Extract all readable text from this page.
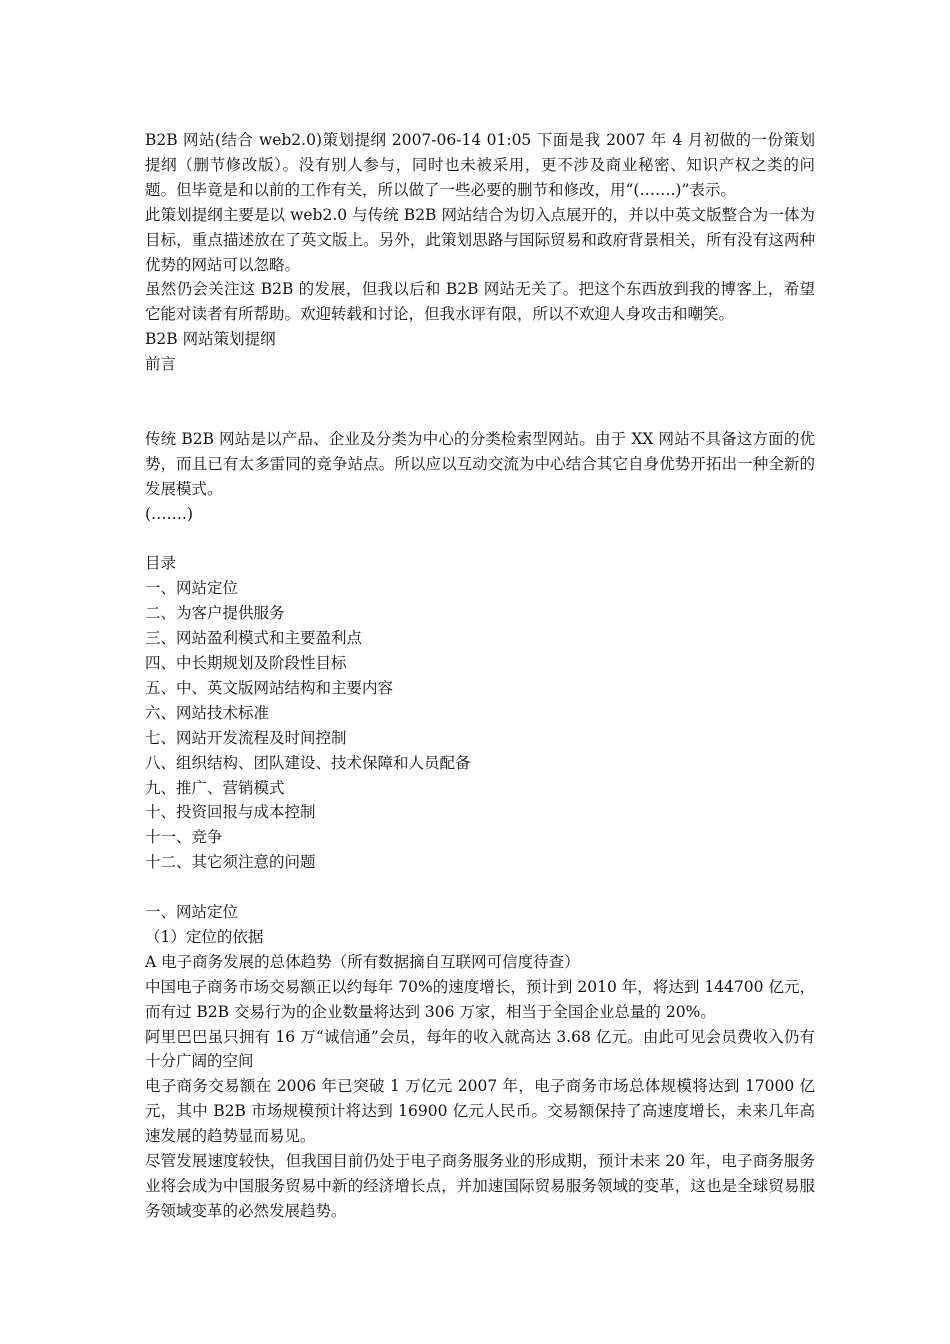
B2B 网站(结合 web2.0)策划提纲 2007-06-14 01:05 下面是我 2007 年 4 月初做的一份策划提纲（删节修改版）。没有别人参与，同时也未被采用，更不涉及商业秘密、知识产权之类的问题。但毕竟是和以前的工作有关，所以做了一些必要的删节和修改，用“(…….)”表示。

此策划提纲主要是以 web2.0 与传统 B2B 网站结合为切入点展开的，并以中英文版整合为一体为目标，重点描述放在了英文版上。另外，此策划思路与国际贸易和政府背景相关，所有没有这两种优势的网站可以忽略。

虽然仍会关注这 B2B 的发展，但我以后和 B2B 网站无关了。把这个东西放到我的博客上，希望它能对读者有所帮助。欢迎转载和讨论，但我水评有限，所以不欢迎人身攻击和嘲笑。

B2B 网站策划提纲

前言

传统 B2B 网站是以产品、企业及分类为中心的分类检索型网站。由于 XX 网站不具备这方面的优势，而且已有太多雷同的竞争站点。所以应以互动交流为中心结合其它自身优势开拓出一种全新的发展模式。

(…….)

目录

一、网站定位

二、为客户提供服务

三、网站盈利模式和主要盈利点

四、中长期规划及阶段性目标

五、中、英文版网站结构和主要内容

六、网站技术标准

七、网站开发流程及时间控制

八、组织结构、团队建设、技术保障和人员配备

九、推广、营销模式

十、投资回报与成本控制

十一、竞争

十二、其它须注意的问题

一、网站定位

（1）定位的依据

A 电子商务发展的总体趋势（所有数据摘自互联网可信度待查）

中国电子商务市场交易额正以约每年 70%的速度增长，预计到 2010 年，将达到 144700 亿元，而有过 B2B 交易行为的企业数量将达到 306 万家，相当于全国企业总量的 20%。

阿里巴巴虽只拥有 16 万“诚信通”会员，每年的收入就高达 3.68 亿元。由此可见会员费收入仍有十分广阔的空间

电子商务交易额在 2006 年已突破 1 万亿元 2007 年，电子商务市场总体规模将达到 17000 亿元，其中 B2B 市场规模预计将达到 16900 亿元人民币。交易额保持了高速度增长，未来几年高速发展的趋势显而易见。

尽管发展速度较快，但我国目前仍处于电子商务服务业的形成期，预计未来 20 年，电子商务服务业将会成为中国服务贸易中新的经济增长点，并加速国际贸易服务领域的变革，这也是全球贸易服务领域变革的必然发展趋势。
